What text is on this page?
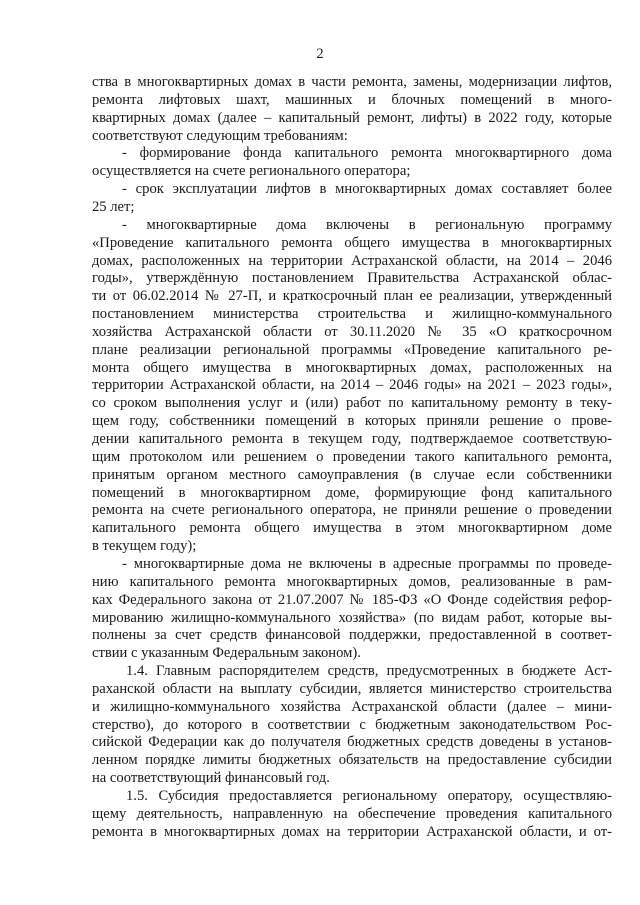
2
ства в многоквартирных домах в части ремонта, замены, модернизации лифтов,
ремонта лифтовых шахт, машинных и блочных помещений в много-
квартирных домах (далее – капитальный ремонт, лифты) в 2022 году, которые
соответствуют следующим требованиям:
- формирование фонда капитального ремонта многоквартирного дома
осуществляется на счете регионального оператора;
- срок эксплуатации лифтов в многоквартирных домах составляет более
25 лет;
- многоквартирные дома включены в региональную программу
«Проведение капитального ремонта общего имущества в многоквартирных
домах, расположенных на территории Астраханской области, на 2014 – 2046
годы», утверждённую постановлением Правительства Астраханской облас-
ти от 06.02.2014 № 27-П, и краткосрочный план ее реализации, утвержденный
постановлением министерства строительства и жилищно-коммунального
хозяйства Астраханской области от 30.11.2020 № 35 «О краткосрочном
плане реализации региональной программы «Проведение капитального ре-
монта общего имущества в многоквартирных домах, расположенных на
территории Астраханской области, на 2014 – 2046 годы» на 2021 – 2023 годы»,
со сроком выполнения услуг и (или) работ по капитальному ремонту в теку-
щем году, собственники помещений в которых приняли решение о прове-
дении капитального ремонта в текущем году, подтверждаемое соответствую-
щим протоколом или решением о проведении такого капитального ремонта,
принятым органом местного самоуправления (в случае если собственники
помещений в многоквартирном доме, формирующие фонд капитального
ремонта на счете регионального оператора, не приняли решение о проведении
капитального ремонта общего имущества в этом многоквартирном доме
в текущем году);
- многоквартирные дома не включены в адресные программы по проведе-
нию капитального ремонта многоквартирных домов, реализованные в рам-
ках Федерального закона от 21.07.2007 № 185-ФЗ «О Фонде содействия рефор-
мированию жилищно-коммунального хозяйства» (по видам работ, которые вы-
полнены за счет средств финансовой поддержки, предоставленной в соответ-
ствии с указанным Федеральным законом).
1.4. Главным распорядителем средств, предусмотренных в бюджете Аст-
раханской области на выплату субсидии, является министерство строительства
и жилищно-коммунального хозяйства Астраханской области (далее – мини-
стерство), до которого в соответствии с бюджетным законодательством Рос-
сийской Федерации как до получателя бюджетных средств доведены в установ-
ленном порядке лимиты бюджетных обязательств на предоставление субсидии
на соответствующий финансовый год.
1.5. Субсидия предоставляется региональному оператору, осуществляю-
щему деятельность, направленную на обеспечение проведения капитального
ремонта в многоквартирных домах на территории Астраханской области, и от-
